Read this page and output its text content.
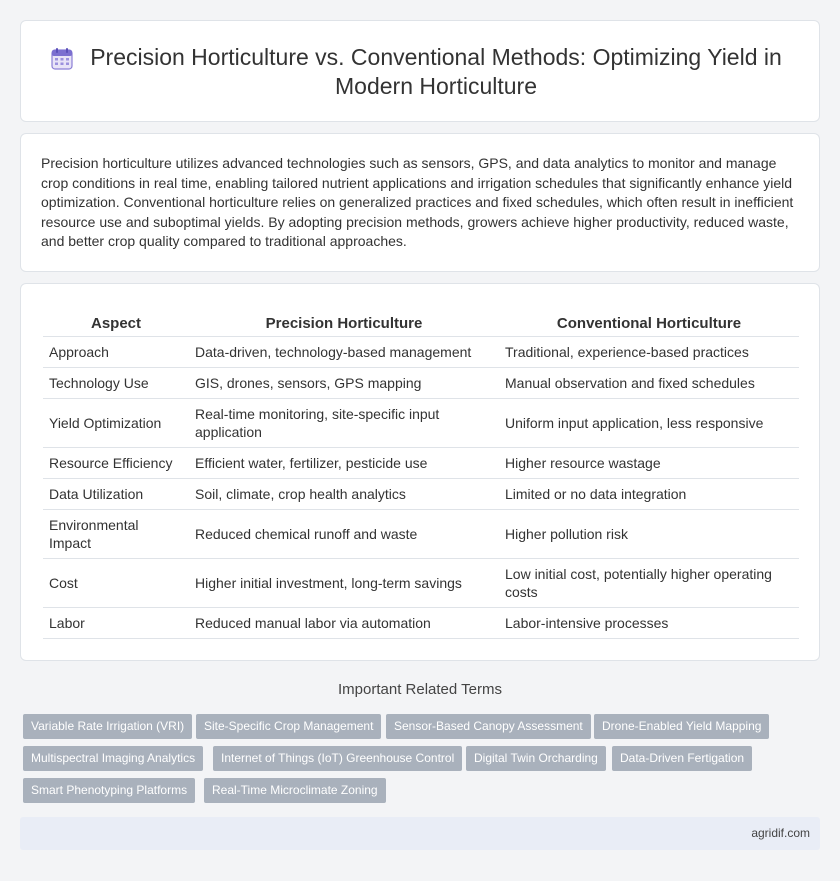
Precision Horticulture vs. Conventional Methods: Optimizing Yield in Modern Horticulture

Precision horticulture utilizes advanced technologies such as sensors, GPS, and data analytics to monitor and manage crop conditions in real time, enabling tailored nutrient applications and irrigation schedules that significantly enhance yield optimization. Conventional horticulture relies on generalized practices and fixed schedules, which often result in inefficient resource use and suboptimal yields. By adopting precision methods, growers achieve higher productivity, reduced waste, and better crop quality compared to traditional approaches.

Aspect	Precision Horticulture	Conventional Horticulture
Approach	Data-driven, technology-based management	Traditional, experience-based practices
Technology Use	GIS, drones, sensors, GPS mapping	Manual observation and fixed schedules
Yield Optimization	Real-time monitoring, site-specific input application	Uniform input application, less responsive
Resource Efficiency	Efficient water, fertilizer, pesticide use	Higher resource wastage
Data Utilization	Soil, climate, crop health analytics	Limited or no data integration
Environmental Impact	Reduced chemical runoff and waste	Higher pollution risk
Cost	Higher initial investment, long-term savings	Low initial cost, potentially higher operating costs
Labor	Reduced manual labor via automation	Labor-intensive processes
Important Related Terms
Variable Rate Irrigation (VRI)	Site-Specific Crop Management	Sensor-Based Canopy Assessment	Drone-Enabled Yield Mapping
Multispectral Imaging Analytics	Internet of Things (IoT) Greenhouse Control	Digital Twin Orcharding	Data-Driven Fertigation
Smart Phenotyping Platforms	Real-Time Microclimate Zoning
agridif.com
